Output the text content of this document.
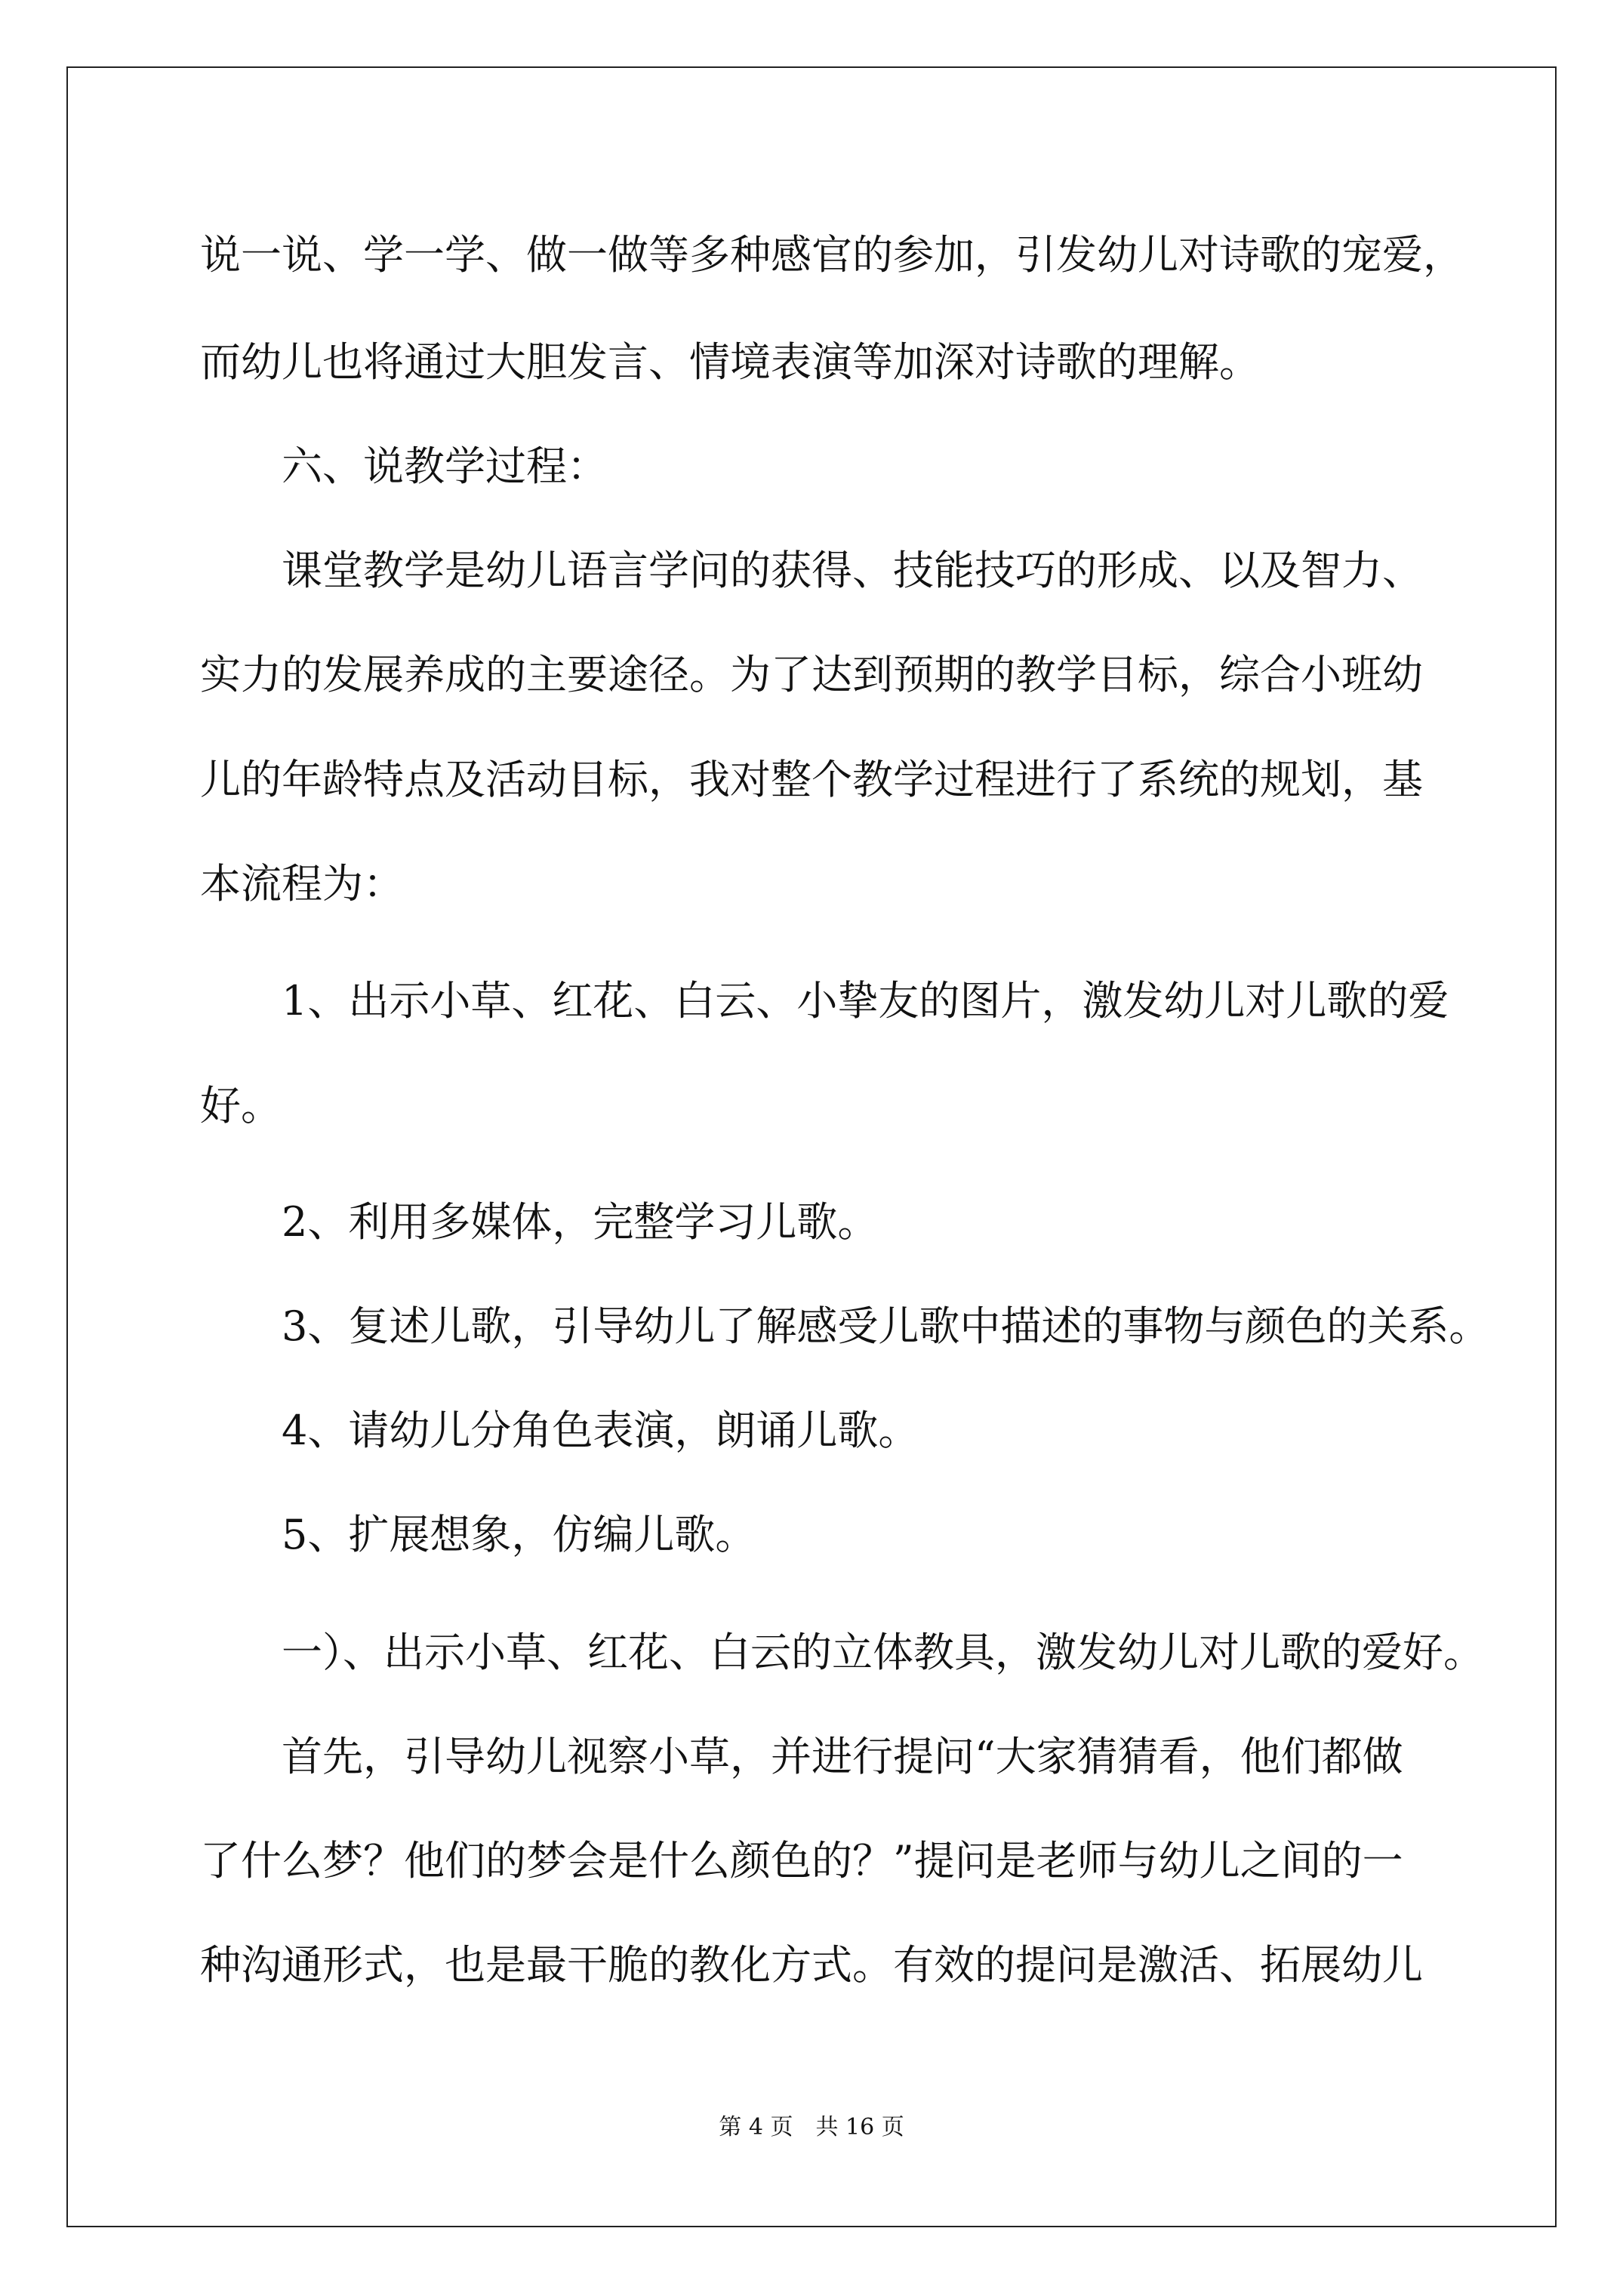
说一说、学一学、做一做等多种感官的参加，引发幼儿对诗歌的宠爱，
而幼儿也将通过大胆发言、情境表演等加深对诗歌的理解。
六、说教学过程：
课堂教学是幼儿语言学问的获得、技能技巧的形成、以及智力、
实力的发展养成的主要途径。为了达到预期的教学目标，综合小班幼
儿的年龄特点及活动目标，我对整个教学过程进行了系统的规划，基
本流程为：
1、出示小草、红花、白云、小挚友的图片，激发幼儿对儿歌的爱
好。
2、利用多媒体，完整学习儿歌。
3、复述儿歌，引导幼儿了解感受儿歌中描述的事物与颜色的关系。
4、请幼儿分角色表演，朗诵儿歌。
5、扩展想象，仿编儿歌。
一）、出示小草、红花、白云的立体教具，激发幼儿对儿歌的爱好。
首先，引导幼儿视察小草，并进行提问“大家猜猜看，他们都做
了什么梦？他们的梦会是什么颜色的？”提问是老师与幼儿之间的一
种沟通形式，也是最干脆的教化方式。有效的提问是激活、拓展幼儿
第 4 页　共 16 页
